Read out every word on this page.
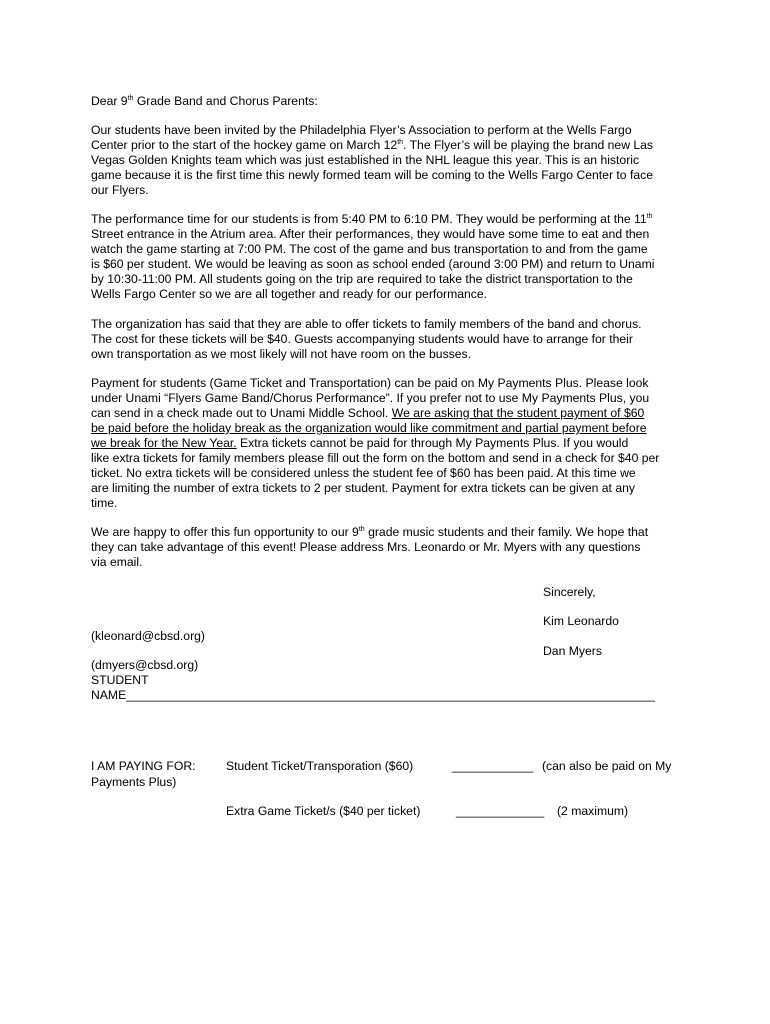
Dear 9th Grade Band and Chorus Parents:

Our students have been invited by the Philadelphia Flyer’s Association to perform at the Wells Fargo

Center prior to the start of the hockey game on March 12th. The Flyer’s will be playing the brand new Las

Vegas Golden Knights team which was just established in the NHL league this year. This is an historic

game because it is the first time this newly formed team will be coming to the Wells Fargo Center to face

our Flyers.

The performance time for our students is from 5:40 PM to 6:10 PM. They would be performing at the 11th

Street entrance in the Atrium area. After their performances, they would have some time to eat and then

watch the game starting at 7:00 PM. The cost of the game and bus transportation to and from the game

is $60 per student. We would be leaving as soon as school ended (around 3:00 PM) and return to Unami

by 10:30-11:00 PM. All students going on the trip are required to take the district transportation to the

Wells Fargo Center so we are all together and ready for our performance.

The organization has said that they are able to offer tickets to family members of the band and chorus.

The cost for these tickets will be $40. Guests accompanying students would have to arrange for their

own transportation as we most likely will not have room on the busses.

Payment for students (Game Ticket and Transportation) can be paid on My Payments Plus. Please look

under Unami “Flyers Game Band/Chorus Performance”. If you prefer not to use My Payments Plus, you

can send in a check made out to Unami Middle School. We are asking that the student payment of $60

be paid before the holiday break as the organization would like commitment and partial payment before

we break for the New Year. Extra tickets cannot be paid for through My Payments Plus. If you would

like extra tickets for family members please fill out the form on the bottom and send in a check for $40 per

ticket. No extra tickets will be considered unless the student fee of $60 has been paid. At this time we

are limiting the number of extra tickets to 2 per student. Payment for extra tickets can be given at any

time.

We are happy to offer this fun opportunity to our 9th grade music students and their family. We hope that

they can take advantage of this event! Please address Mrs. Leonardo or Mr. Myers with any questions

via email.

Sincerely,

Kim Leonardo

(kleonard@cbsd.org)

Dan Myers

(dmyers@cbsd.org)

STUDENT

NAME______________________________________________________________________________

I AM PAYING FOR: Student Ticket/Transporation ($60)	____________ (can also be paid on My

Payments Plus)

Extra Game Ticket/s ($40 per ticket)	_____________ (2 maximum)
